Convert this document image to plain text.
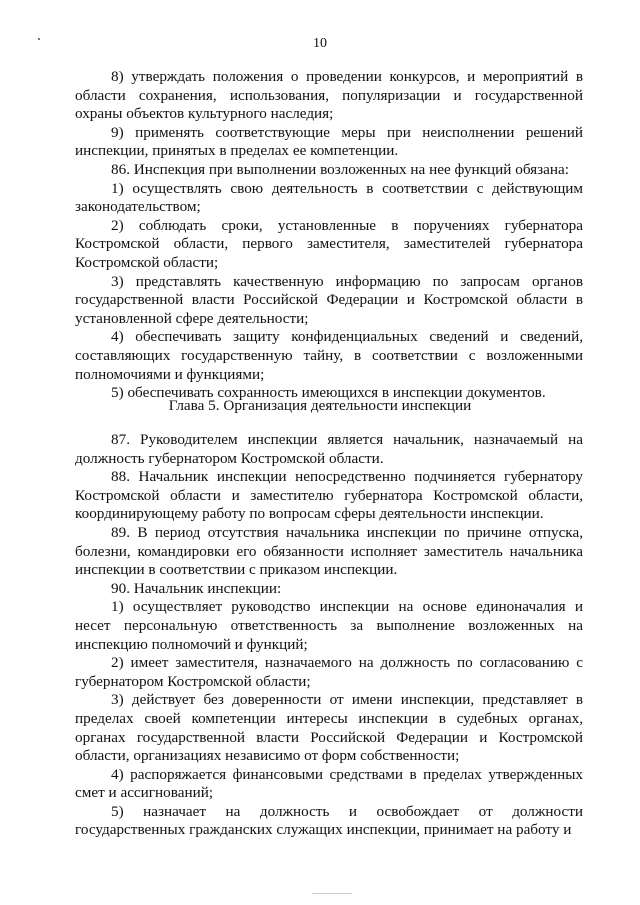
10

8) утверждать положения о проведении конкурсов, и мероприятий в области сохранения, использования, популяризации и государственной охраны объектов культурного наследия;

9) применять соответствующие меры при неисполнении решений инспекции, принятых в пределах ее компетенции.

86. Инспекция при выполнении возложенных на нее функций обязана:

1) осуществлять свою деятельность в соответствии с действующим законодательством;

2) соблюдать сроки, установленные в поручениях губернатора Костромской области, первого заместителя, заместителей губернатора Костромской области;

3) представлять качественную информацию по запросам органов государственной власти Российской Федерации и Костромской области в установленной сфере деятельности;

4) обеспечивать защиту конфиденциальных сведений и сведений, составляющих государственную тайну, в соответствии с возложенными полномочиями и функциями;

5) обеспечивать сохранность имеющихся в инспекции документов.

Глава 5. Организация деятельности инспекции

87. Руководителем инспекции является начальник, назначаемый на должность губернатором Костромской области.

88. Начальник инспекции непосредственно подчиняется губернатору Костромской области и заместителю губернатора Костромской области, координирующему работу по вопросам сферы деятельности инспекции.

89. В период отсутствия начальника инспекции по причине отпуска, болезни, командировки его обязанности исполняет заместитель начальника инспекции в соответствии с приказом инспекции.

90. Начальник инспекции:

1) осуществляет руководство инспекции на основе единоначалия и несет персональную ответственность за выполнение возложенных на инспекцию полномочий и функций;

2) имеет заместителя, назначаемого на должность по согласованию с губернатором Костромской области;

3) действует без доверенности от имени инспекции, представляет в пределах своей компетенции интересы инспекции в судебных органах, органах государственной власти Российской Федерации и Костромской области, организациях независимо от форм собственности;

4) распоряжается финансовыми средствами в пределах утвержденных смет и ассигнований;

5) назначает на должность и освобождает от должности государственных гражданских служащих инспекции, принимает на работу и
